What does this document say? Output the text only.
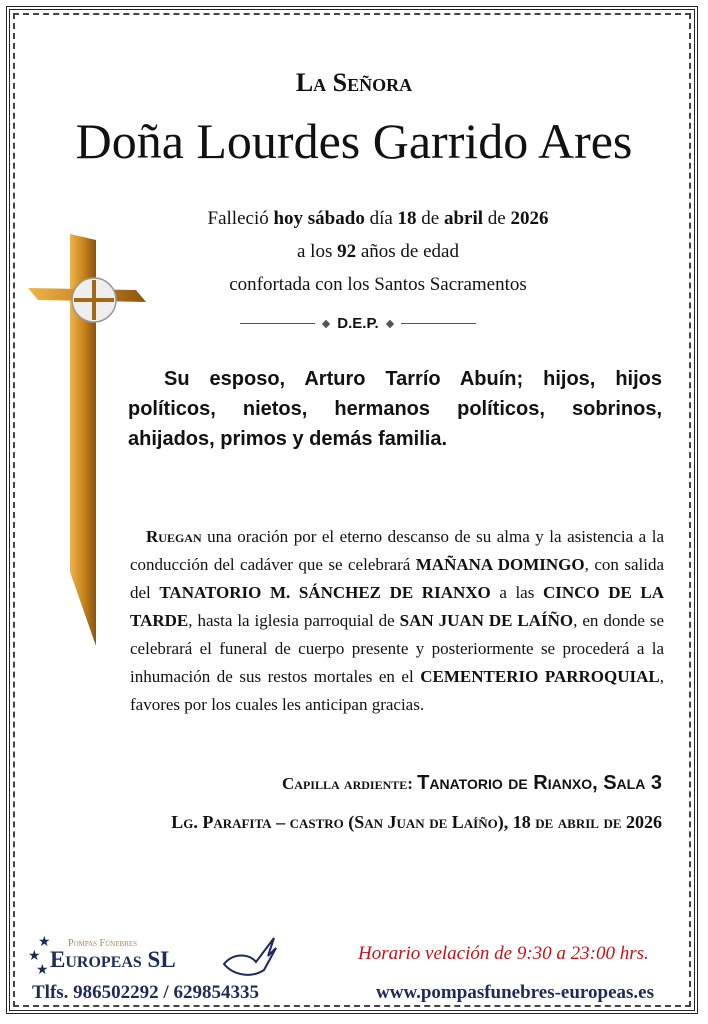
La Señora
Doña Lourdes Garrido Ares
Falleció hoy sábado día 18 de abril de 2026
a los 92 años de edad
confortada con los Santos Sacramentos
D.E.P.
Su esposo, Arturo Tarrío Abuín; hijos, hijos políticos, nietos, hermanos políticos, sobrinos, ahijados, primos y demás familia.
Ruegan una oración por el eterno descanso de su alma y la asistencia a la conducción del cadáver que se celebrará MAÑANA DOMINGO, con salida del TANATORIO M. SÁNCHEZ DE RIANXO a las CINCO DE LA TARDE, hasta la iglesia parroquial de SAN JUAN DE LAÍÑO, en donde se celebrará el funeral de cuerpo presente y posteriormente se procederá a la inhumación de sus restos mortales en el CEMENTERIO PARROQUIAL, favores por los cuales les anticipan gracias.
Capilla ardiente: Tanatorio de Rianxo, Sala 3
Lg. Parafita – castro (San Juan de Laíño), 18 de abril de 2026
★
★
★
Pompas Fúnebres
Europeas SL	Horario velación de 9:30 a 23:00 hrs.
Tlfs. 986502292 / 629854335	www.pompasfunebres-europeas.es
